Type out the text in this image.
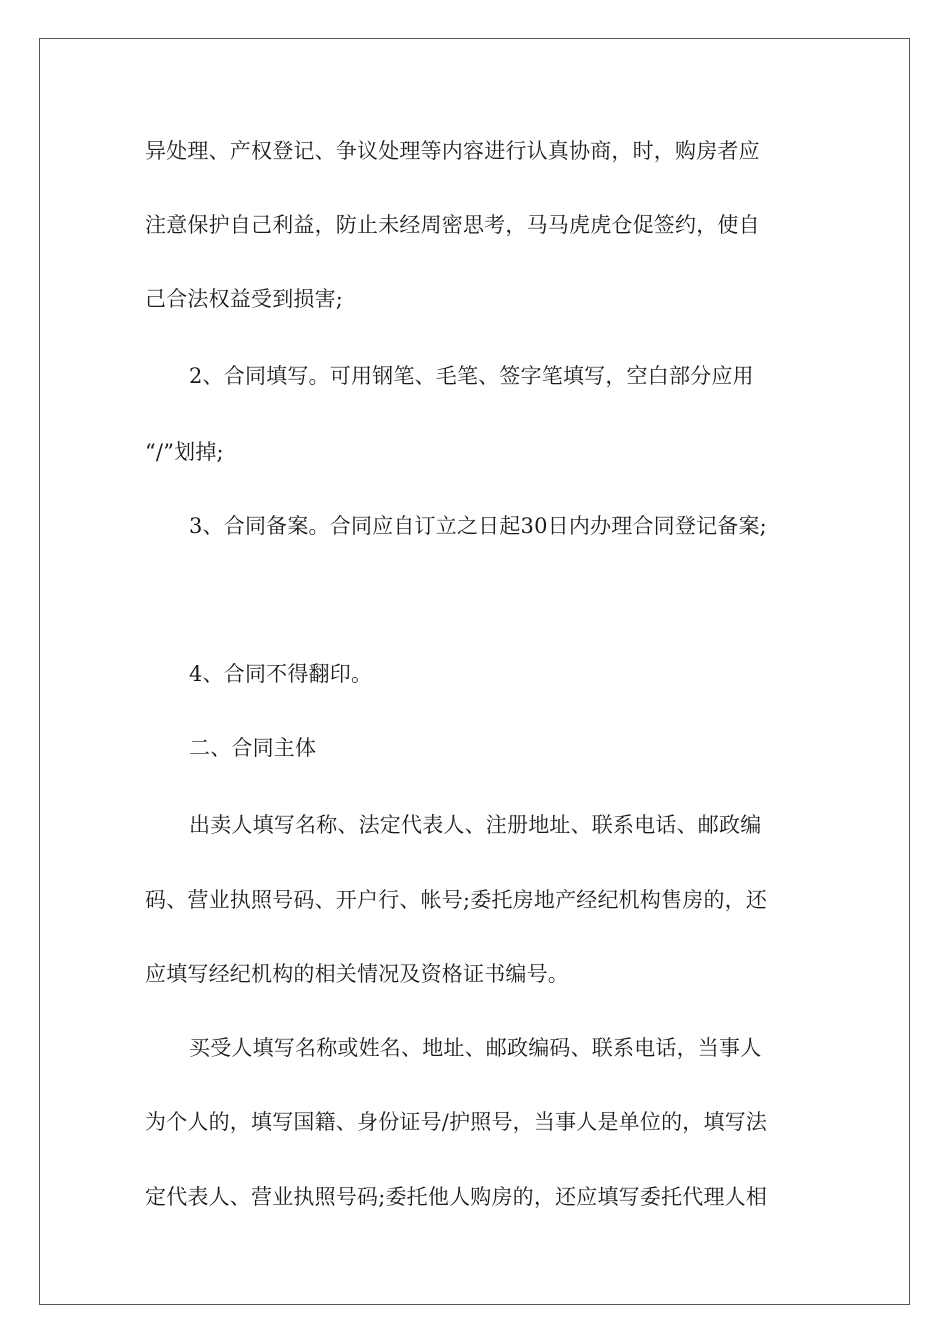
异处理、产权登记、争议处理等内容进行认真协商，时，购房者应
注意保护自己利益，防止未经周密思考，马马虎虎仓促签约，使自
己合法权益受到损害;
2、合同填写。可用钢笔、毛笔、签字笔填写，空白部分应用
“/”划掉;
3、合同备案。合同应自订立之日起30日内办理合同登记备案;
4、合同不得翻印。
二、合同主体
出卖人填写名称、法定代表人、注册地址、联系电话、邮政编
码、营业执照号码、开户行、帐号;委托房地产经纪机构售房的，还
应填写经纪机构的相关情况及资格证书编号。
买受人填写名称或姓名、地址、邮政编码、联系电话，当事人
为个人的，填写国籍、身份证号/护照号，当事人是单位的，填写法
定代表人、营业执照号码;委托他人购房的，还应填写委托代理人相
